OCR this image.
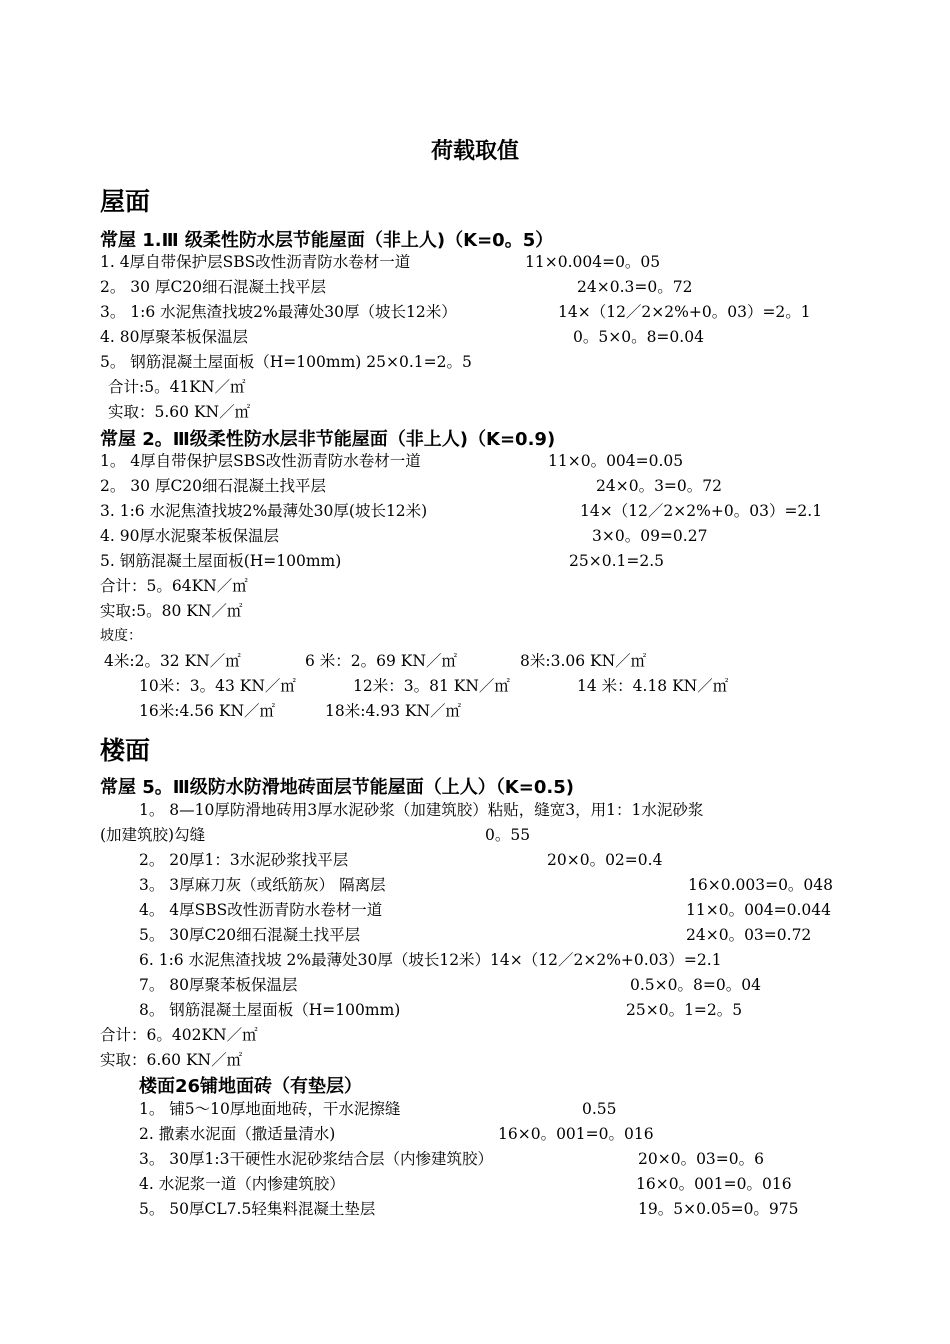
荷载取值
屋面
常屋 1.Ⅲ 级柔性防水层节能屋面（非上人)（K=0。5）
1. 4厚自带保护层SBS改性沥青防水卷材一道	11×0.004=0。05
2。 30 厚C20细石混凝土找平层	24×0.3=0。72
3。 1:6 水泥焦渣找坡2%最薄处30厚（坡长12米）	14×（12／2×2%+0。03）=2。1
4. 80厚聚苯板保温层	0。5×0。8=0.04
5。 钢筋混凝土屋面板（H=100mm) 25×0.1=2。5
合计:5。41KN／㎡
实取：5.60 KN／㎡
常屋 2。Ⅲ级柔性防水层非节能屋面（非上人)（K=0.9)
1。 4厚自带保护层SBS改性沥青防水卷材一道	11×0。004=0.05
2。 30 厚C20细石混凝土找平层	24×0。3=0。72
3. 1:6 水泥焦渣找坡2%最薄处30厚(坡长12米)	14×（12／2×2%+0。03）=2.1
4. 90厚水泥聚苯板保温层	3×0。09=0.27
5. 钢筋混凝土屋面板(H=100mm)	25×0.1=2.5
合计：5。64KN／㎡
实取:5。80 KN／㎡
坡度：
4米:2。32 KN／㎡	6 米：2。69 KN／㎡	8米:3.06 KN／㎡
10米：3。43 KN／㎡	12米：3。81 KN／㎡	14 米：4.18 KN／㎡
16米:4.56 KN／㎡	18米:4.93 KN／㎡
楼面
常屋 5。Ⅲ级防水防滑地砖面层节能屋面（上人）（K=0.5)
1。 8—10厚防滑地砖用3厚水泥砂浆（加建筑胶）粘贴，缝宽3，用1：1水泥砂浆
(加建筑胶)勾缝	0。55
2。 20厚1：3水泥砂浆找平层	20×0。02=0.4
3。 3厚麻刀灰（或纸筋灰） 隔离层	16×0.003=0。048
4。 4厚SBS改性沥青防水卷材一道	11×0。004=0.044
5。 30厚C20细石混凝土找平层	24×0。03=0.72
6. 1:6 水泥焦渣找坡 2%最薄处30厚（坡长12米）14×（12／2×2%+0.03）=2.1
7。 80厚聚苯板保温层	0.5×0。8=0。04
8。 钢筋混凝土屋面板（H=100mm)	25×0。1=2。5
合计：6。402KN／㎡
实取：6.60 KN／㎡
楼面26铺地面砖（有垫层）
1。 铺5～10厚地面地砖，干水泥擦缝	0.55
2. 撒素水泥面（撒适量清水)	16×0。001=0。016
3。 30厚1:3干硬性水泥砂浆结合层（内惨建筑胶）	20×0。03=0。6
4. 水泥浆一道（内惨建筑胶）	16×0。001=0。016
5。 50厚CL7.5轻集料混凝土垫层	19。5×0.05=0。975
